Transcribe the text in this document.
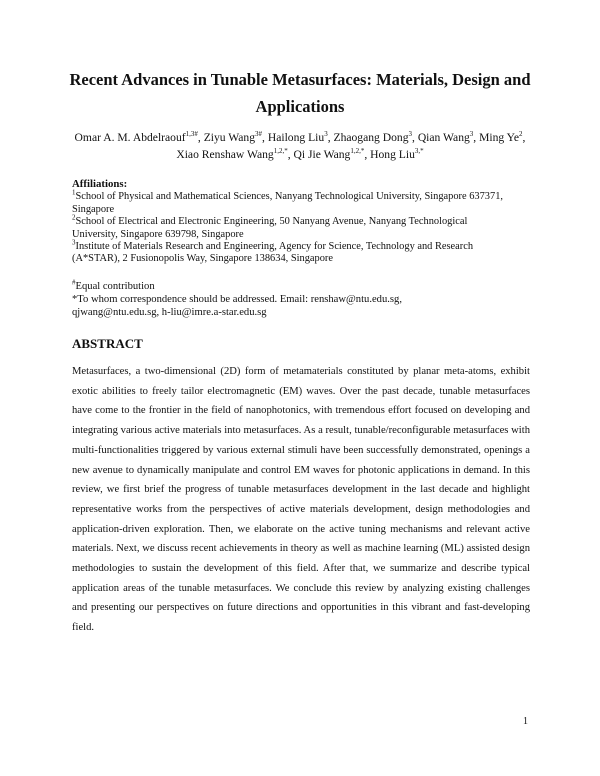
Recent Advances in Tunable Metasurfaces: Materials, Design and Applications
Omar A. M. Abdelraouf$^{1,3\#}$, Ziyu Wang$^{3\#}$, Hailong Liu$^3$, Zhaogang Dong$^3$, Qian Wang$^3$, Ming Ye$^2$, Xiao Renshaw Wang$^{1,2,*}$, Qi Jie Wang$^{1,2,*}$, Hong Liu$^{3,*}$
Affiliations:
$^1$School of Physical and Mathematical Sciences, Nanyang Technological University, Singapore 637371,
Singapore
$^2$School of Electrical and Electronic Engineering, 50 Nanyang Avenue, Nanyang Technological
University, Singapore 639798, Singapore
$^3$Institute of Materials Research and Engineering, Agency for Science, Technology and Research
(A*STAR), 2 Fusionopolis Way, Singapore 138634, Singapore
#Equal contribution
*To whom correspondence should be addressed. Email: renshaw@ntu.edu.sg,
qjwang@ntu.edu.sg, h-liu@imre.a-star.edu.sg
ABSTRACT
Metasurfaces, a two-dimensional (2D) form of metamaterials constituted by planar meta-atoms, exhibit exotic abilities to freely tailor electromagnetic (EM) waves. Over the past decade, tunable metasurfaces have come to the frontier in the field of nanophotonics, with tremendous effort focused on developing and integrating various active materials into metasurfaces. As a result, tunable/reconfigurable metasurfaces with multi-functionalities triggered by various external stimuli have been successfully demonstrated, openings a new avenue to dynamically manipulate and control EM waves for photonic applications in demand. In this review, we first brief the progress of tunable metasurfaces development in the last decade and highlight representative works from the perspectives of active materials development, design methodologies and application-driven exploration. Then, we elaborate on the active tuning mechanisms and relevant active materials. Next, we discuss recent achievements in theory as well as machine learning (ML) assisted design methodologies to sustain the development of this field. After that, we summarize and describe typical application areas of the tunable metasurfaces. We conclude this review by analyzing existing challenges and presenting our perspectives on future directions and opportunities in this vibrant and fast-developing field.
1
